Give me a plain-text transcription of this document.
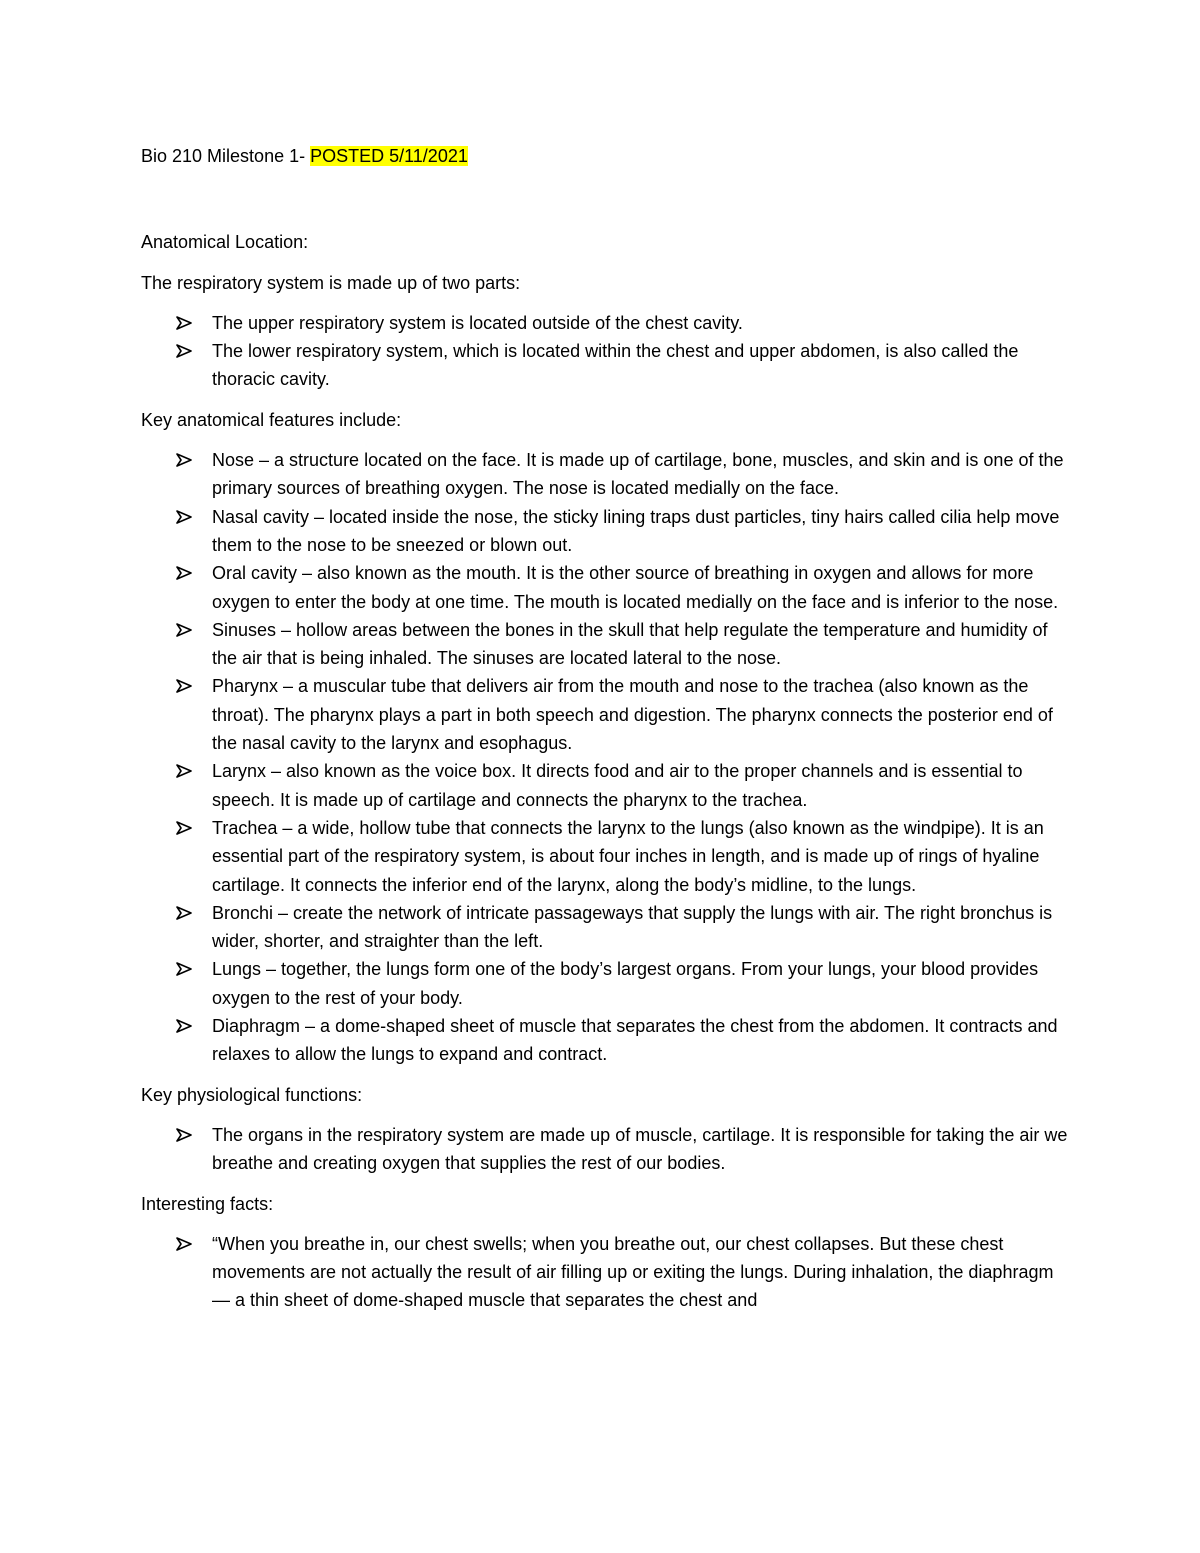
Bio 210 Milestone 1- POSTED 5/11/2021

Anatomical Location:

The respiratory system is made up of two parts:

The upper respiratory system is located outside of the chest cavity.
The lower respiratory system, which is located within the chest and upper abdomen, is also called the thoracic cavity.

Key anatomical features include:

Nose – a structure located on the face. It is made up of cartilage, bone, muscles, and skin and is one of the primary sources of breathing oxygen. The nose is located medially on the face.
Nasal cavity – located inside the nose, the sticky lining traps dust particles, tiny hairs called cilia help move them to the nose to be sneezed or blown out.
Oral cavity – also known as the mouth. It is the other source of breathing in oxygen and allows for more oxygen to enter the body at one time. The mouth is located medially on the face and is inferior to the nose.
Sinuses – hollow areas between the bones in the skull that help regulate the temperature and humidity of the air that is being inhaled. The sinuses are located lateral to the nose.
Pharynx – a muscular tube that delivers air from the mouth and nose to the trachea (also known as the throat). The pharynx plays a part in both speech and digestion. The pharynx connects the posterior end of the nasal cavity to the larynx and esophagus.
Larynx – also known as the voice box. It directs food and air to the proper channels and is essential to speech. It is made up of cartilage and connects the pharynx to the trachea.
Trachea – a wide, hollow tube that connects the larynx to the lungs (also known as the windpipe). It is an essential part of the respiratory system, is about four inches in length, and is made up of rings of hyaline cartilage. It connects the inferior end of the larynx, along the body’s midline, to the lungs.
Bronchi – create the network of intricate passageways that supply the lungs with air. The right bronchus is wider, shorter, and straighter than the left.
Lungs – together, the lungs form one of the body’s largest organs. From your lungs, your blood provides oxygen to the rest of your body.
Diaphragm – a dome-shaped sheet of muscle that separates the chest from the abdomen. It contracts and relaxes to allow the lungs to expand and contract.

Key physiological functions:

The organs in the respiratory system are made up of muscle, cartilage. It is responsible for taking the air we breathe and creating oxygen that supplies the rest of our bodies.

Interesting facts:

“When you breathe in, our chest swells; when you breathe out, our chest collapses. But these chest movements are not actually the result of air filling up or exiting the lungs. During inhalation, the diaphragm — a thin sheet of dome-shaped muscle that separates the chest and
